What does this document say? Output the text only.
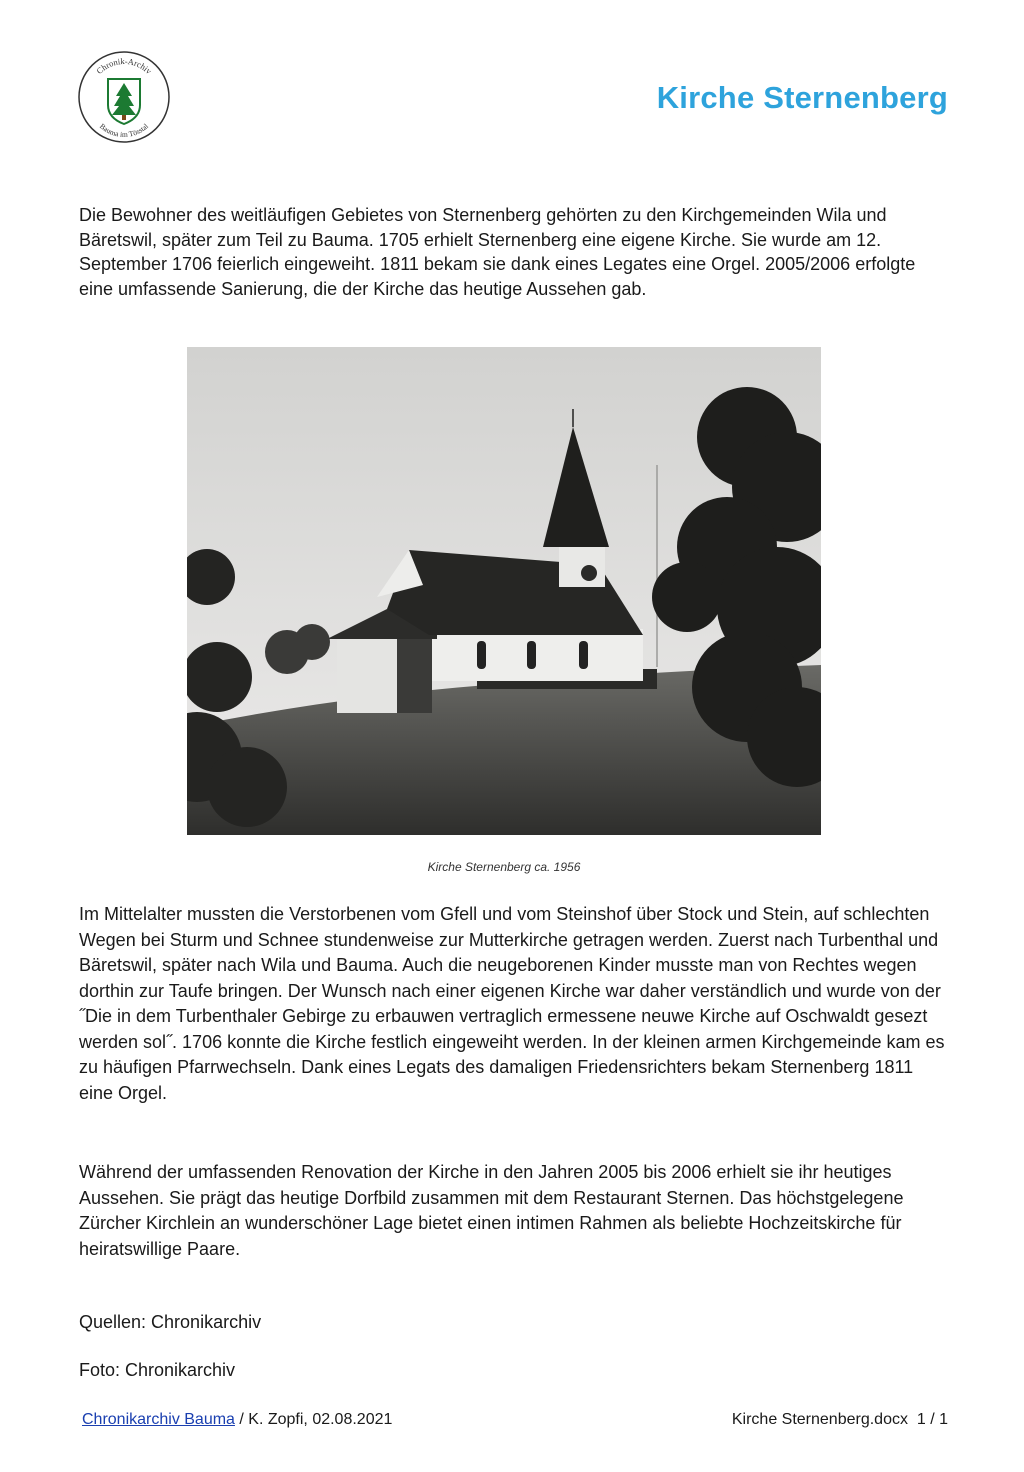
Chronik-Archiv
Bauma im Tösstal
Kirche Sternenberg

Die Bewohner des weitläufigen Gebietes von Sternenberg gehörten zu den Kirchgemeinden Wila und Bäretswil, später zum Teil zu Bauma. 1705 erhielt Sternenberg eine eigene Kirche. Sie wurde am 12. September 1706 feierlich eingeweiht. 1811 bekam sie dank eines Legates eine Orgel. 2005/2006 erfolgte eine umfassende Sanierung, die der Kirche das heutige Aussehen gab.

Kirche Sternenberg ca. 1956

Im Mittelalter mussten die Verstorbenen vom Gfell und vom Steinshof über Stock und Stein, auf schlechten Wegen bei Sturm und Schnee stundenweise zur Mutterkirche getragen werden. Zuerst nach Turbenthal und Bäretswil, später nach Wila und Bauma. Auch die neugeborenen Kinder musste man von Rechtes wegen dorthin zur Taufe bringen. Der Wunsch nach einer eigenen Kirche war daher verständlich und wurde von der ˝Die in dem Turbenthaler Gebirge zu erbauwen vertraglich ermessene neuwe Kirche auf Oschwaldt gesezt werden sol˝. 1706 konnte die Kirche festlich eingeweiht werden. In der kleinen armen Kirchgemeinde kam es zu häufigen Pfarrwechseln. Dank eines Legats des damaligen Friedensrichters bekam Sternenberg 1811 eine Orgel.

Während der umfassenden Renovation der Kirche in den Jahren 2005 bis 2006 erhielt sie ihr heutiges Aussehen. Sie prägt das heutige Dorfbild zusammen mit dem Restaurant Sternen. Das höchstgelegene Zürcher Kirchlein an wunderschöner Lage bietet einen intimen Rahmen als beliebte Hochzeitskirche für heiratswillige Paare.

Quellen: Chronikarchiv

Foto: Chronikarchiv

Chronikarchiv Bauma / K. Zopfi, 02.08.2021	Kirche Sternenberg.docx 1 / 1
